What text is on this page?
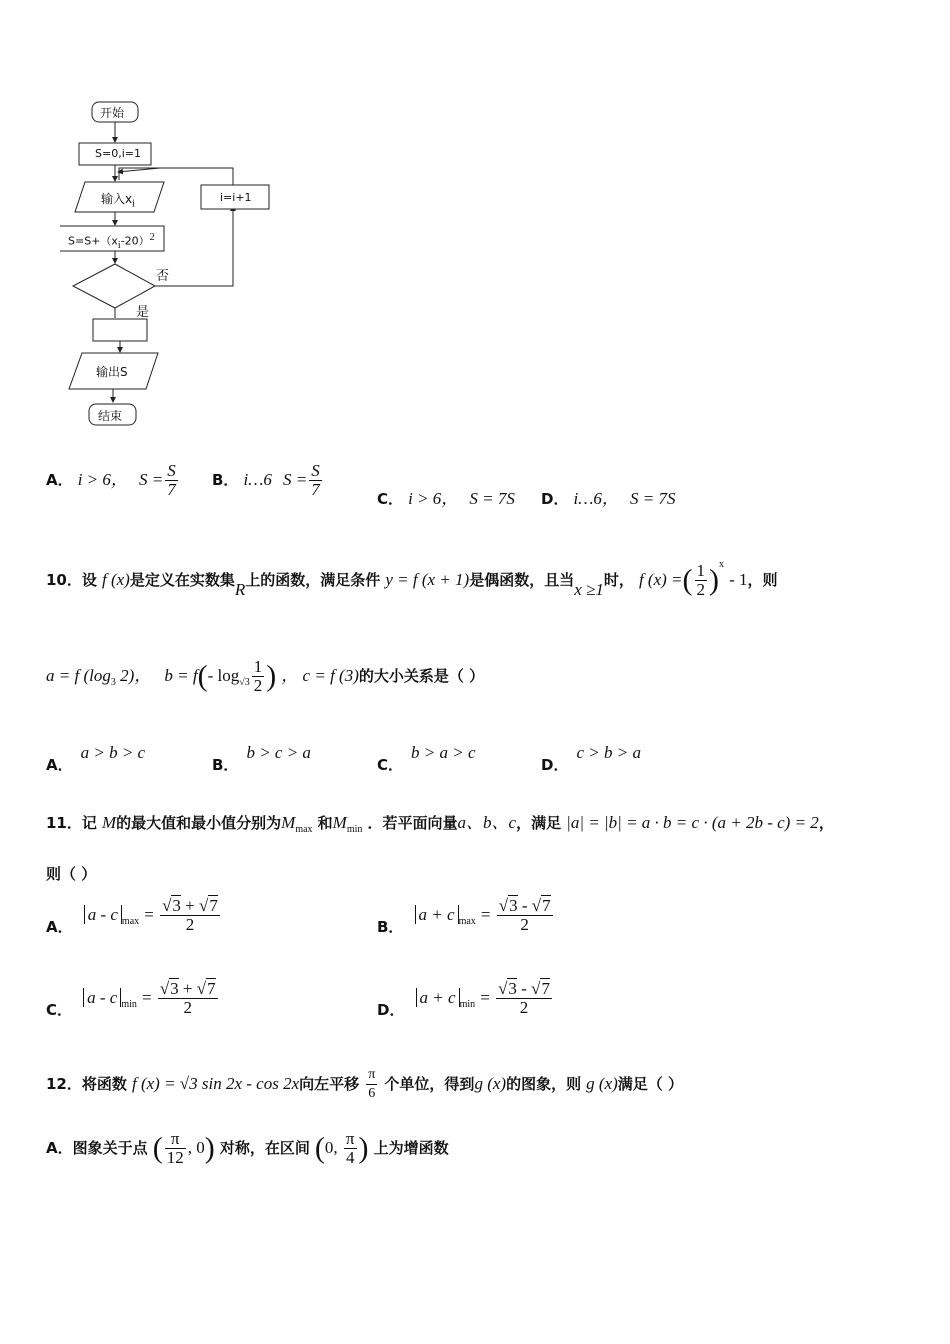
开始
S=0,i=1
输入$x_i$
$S=S+(x_i-20)^2$
i=i+1
否
是
输出S
结束
A． i > 6， $S = \frac{S}{7}$ B． i…6 $S = \frac{S}{7}$	C． i > 6， S = 7S D． i…6， S = 7S
10．设 f (x)是定义在实数集R上的函数，满足条件 y = f (x + 1)是偶函数，且当x ≥1时， f (x) =( $\frac{1}{2} )^x - 1$，则
a = f ($\log_3$ 2)， b = f(- $\log_{√3} \frac{1}{2}$ ) ， c = f (3)的大小关系是（ ）
A．a > b > c
B．b > c > a
C．b > a > c
D．c > b > a
11．记 M的最大值和最小值分别为$M_{max}$ 和$M_{min}$ ．若平面向量a、b、c，满足 |a| = |b| = a · b = c · (a + 2b - c) = 2，
则（ ）
A． a - c $_{max} = \frac{√3 + √7}{2}$	B． a + c $_{max} = \frac{√3 - √7}{2}$
C． a - c $_{min} = \frac{√3 + √7}{2}$	D． a + c $_{min} = \frac{√3 - √7}{2}$
12．将函数 f (x) = √3 sin 2x - cos 2x向左平移 $\frac{\pi}{6}$ 个单位，得到g (x)的图象，则 g (x)满足（ ）
A．图象关于点 ( $\frac{\pi}{12}$ , 0) 对称，在区间 (0, $\frac{\pi}{4}$ ) 上为增函数
